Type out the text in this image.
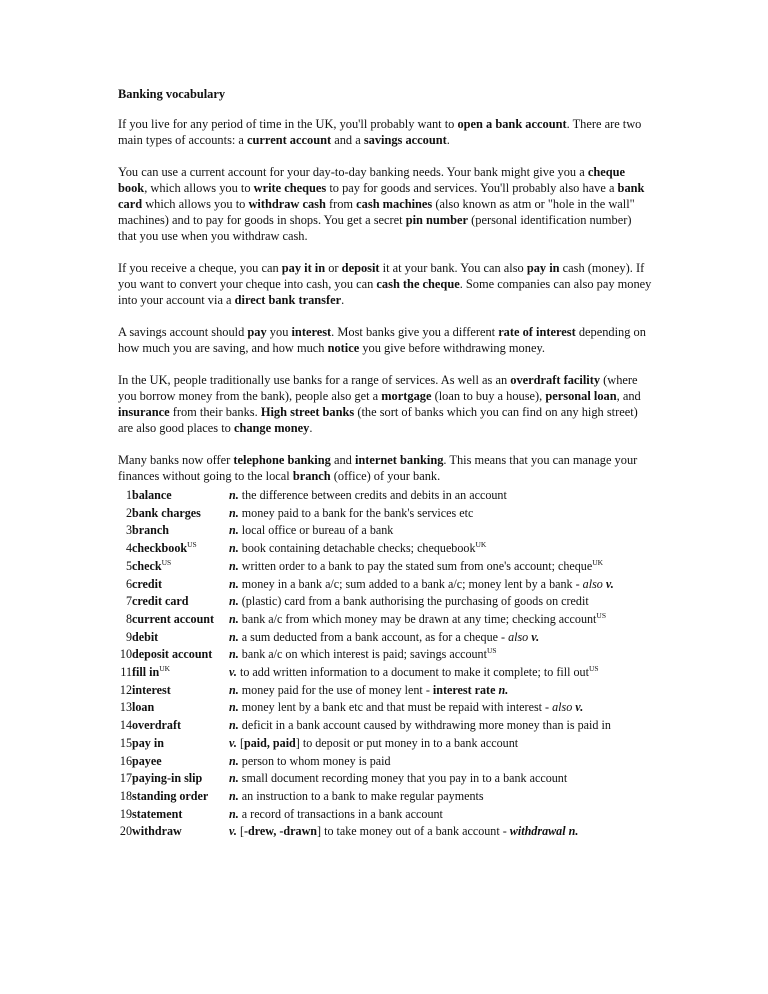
Banking vocabulary

If you live for any period of time in the UK, you'll probably want to open a bank account. There are two main types of accounts: a current account and a savings account.

You can use a current account for your day-to-day banking needs. Your bank might give you a cheque book, which allows you to write cheques to pay for goods and services. You'll probably also have a bank card which allows you to withdraw cash from cash machines (also known as atm or "hole in the wall" machines) and to pay for goods in shops. You get a secret pin number (personal identification number) that you use when you withdraw cash.

If you receive a cheque, you can pay it in or deposit it at your bank. You can also pay in cash (money). If you want to convert your cheque into cash, you can cash the cheque. Some companies can also pay money into your account via a direct bank transfer.

A savings account should pay you interest. Most banks give you a different rate of interest depending on how much you are saving, and how much notice you give before withdrawing money.

In the UK, people traditionally use banks for a range of services. As well as an overdraft facility (where you borrow money from the bank), people also get a mortgage (loan to buy a house), personal loan, and insurance from their banks. High street banks (the sort of banks which you can find on any high street) are also good places to change money.

Many banks now offer telephone banking and internet banking. This means that you can manage your finances without going to the local branch (office) of your bank.

1	balance	n. the difference between credits and debits in an account
2	bank charges	n. money paid to a bank for the bank's services etc
3	branch	n. local office or bureau of a bank
4	checkbook$^{US}$	n. book containing detachable checks; chequebook$^{UK}$
5	check$^{US}$	n. written order to a bank to pay the stated sum from one's account; cheque$^{UK}$
6	credit	n. money in a bank a/c; sum added to a bank a/c; money lent by a bank - also v.
7	credit card	n. (plastic) card from a bank authorising the purchasing of goods on credit
8	current account	n. bank a/c from which money may be drawn at any time; checking account$^{US}$
9	debit	n. a sum deducted from a bank account, as for a cheque - also v.
10	deposit account	n. bank a/c on which interest is paid; savings account$^{US}$
11	fill $in^{UK}$	v. to add written information to a document to make it complete; to fill out$^{US}$
12	interest	n. money paid for the use of money lent - interest rate n.
13	loan	n. money lent by a bank etc and that must be repaid with interest - also v.
14	overdraft	n. deficit in a bank account caused by withdrawing more money than is paid in
15	pay in	v. [paid, paid] to deposit or put money in to a bank account
16	payee	n. person to whom money is paid
17	paying-in slip	n. small document recording money that you pay in to a bank account
18	standing order	n. an instruction to a bank to make regular payments
19	statement	n. a record of transactions in a bank account
20	withdraw	v. [-drew, -drawn] to take money out of a bank account - withdrawal n.
